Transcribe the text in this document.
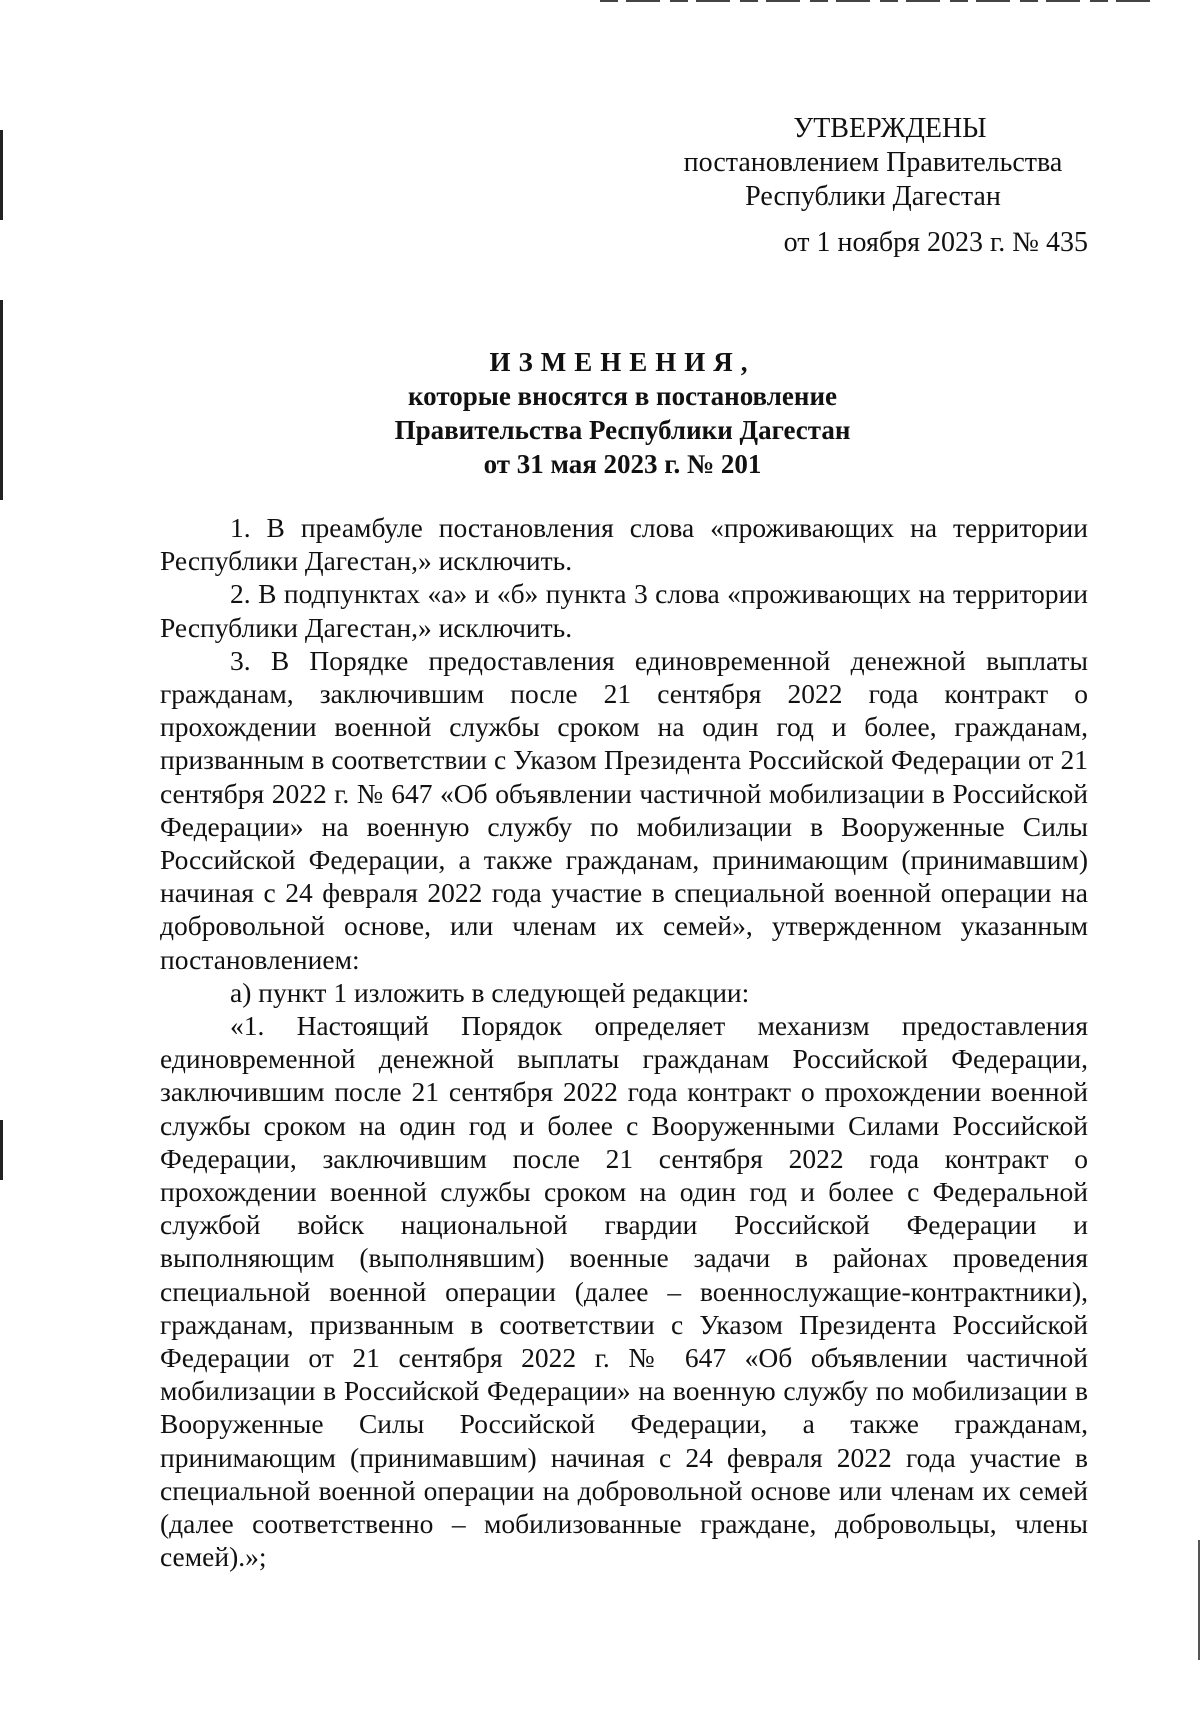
УТВЕРЖДЕНЫ
постановлением Правительства
Республики Дагестан
от 1 ноября 2023 г. № 435
ИЗМЕНЕНИЯ,
которые вносятся в постановление
Правительства Республики Дагестан
от 31 мая 2023 г. № 201

1. В преамбуле постановления слова «проживающих на территории Республики Дагестан,» исключить.

2. В подпунктах «а» и «б» пункта 3 слова «проживающих на территории Республики Дагестан,» исключить.

3. В Порядке предоставления единовременной денежной выплаты гражданам, заключившим после 21 сентября 2022 года контракт о прохождении военной службы сроком на один год и более, гражданам, призванным в соответствии с Указом Президента Российской Федерации от 21 сентября 2022 г. № 647 «Об объявлении частичной мобилизации в Российской Федерации» на военную службу по мобилизации в Вооруженные Силы Российской Федерации, а также гражданам, принимающим (принимавшим) начиная с 24 февраля 2022 года участие в специальной военной операции на добровольной основе, или членам их семей», утвержденном указанным постановлением:

а) пункт 1 изложить в следующей редакции:

«1. Настоящий Порядок определяет механизм предоставления единовременной денежной выплаты гражданам Российской Федерации, заключившим после 21 сентября 2022 года контракт о прохождении военной службы сроком на один год и более с Вооруженными Силами Российской Федерации, заключившим после 21 сентября 2022 года контракт о прохождении военной службы сроком на один год и более с Федеральной службой войск национальной гвардии Российской Федерации и выполняющим (выполнявшим) военные задачи в районах проведения специальной военной операции (далее – военнослужащие-контрактники), гражданам, призванным в соответствии с Указом Президента Российской Федерации от 21 сентября 2022 г. № 647 «Об объявлении частичной мобилизации в Российской Федерации» на военную службу по мобилизации в Вооруженные Силы Российской Федерации, а также гражданам, принимающим (принимавшим) начиная с 24 февраля 2022 года участие в специальной военной операции на добровольной основе или членам их семей (далее соответственно – мобилизованные граждане, добровольцы, члены семей).»;
